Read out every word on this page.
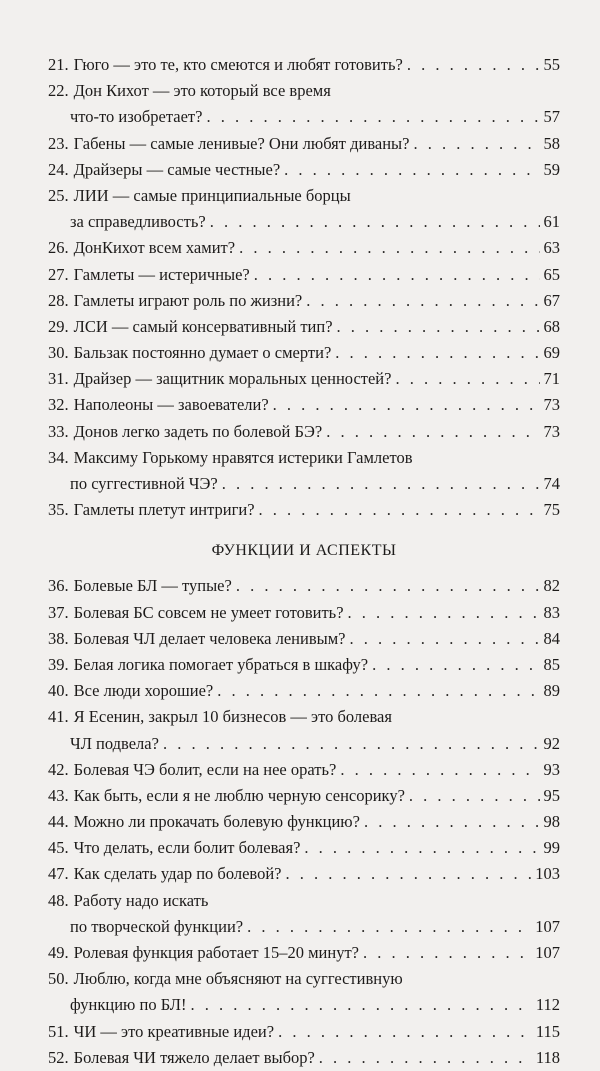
21. Гюго — это те, кто смеются и любят готовить? . . .	55
22. Дон Кихот — это который все время
что-то изобретает? . . .	57
23. Габены — самые ленивые? Они любят диваны? . . .	58
24. Драйзеры — самые честные? . . .	59
25. ЛИИ — самые принципиальные борцы
за справедливость? . . .	61
26. ДонКихот всем хамит? . . .	63
27. Гамлеты — истеричные? . . .	65
28. Гамлеты играют роль по жизни? . . .	67
29. ЛСИ — самый консервативный тип? . . .	68
30. Бальзак постоянно думает о смерти? . . .	69
31. Драйзер — защитник моральных ценностей? . . .	71
32. Наполеоны — завоеватели? . . .	73
33. Донов легко задеть по болевой БЭ? . . .	73
34. Максиму Горькому нравятся истерики Гамлетов
по суггестивной ЧЭ? . . .	74
35. Гамлеты плетут интриги? . . .	75
ФУНКЦИИ И АСПЕКТЫ
36. Болевые БЛ — тупые? . . .	82
37. Болевая БС совсем не умеет готовить? . . .	83
38. Болевая ЧЛ делает человека ленивым? . . .	84
39. Белая логика помогает убраться в шкафу? . . .	85
40. Все люди хорошие? . . .	89
41. Я Есенин, закрыл 10 бизнесов — это болевая
ЧЛ подвела? . . .	92
42. Болевая ЧЭ болит, если на нее орать? . . .	93
43. Как быть, если я не люблю черную сенсорику? . . .	95
44. Можно ли прокачать болевую функцию? . . .	98
45. Что делать, если болит болевая? . . .	99
47. Как сделать удар по болевой? . . .	103
48. Работу надо искать
по творческой функции? . . .	107
49. Ролевая функция работает 15–20 минут? . . .	107
50. Люблю, когда мне объясняют на суггестивную
функцию по БЛ! . . .	112
51. ЧИ — это креативные идеи? . . .	115
52. Болевая ЧИ тяжело делает выбор? . . .	118
